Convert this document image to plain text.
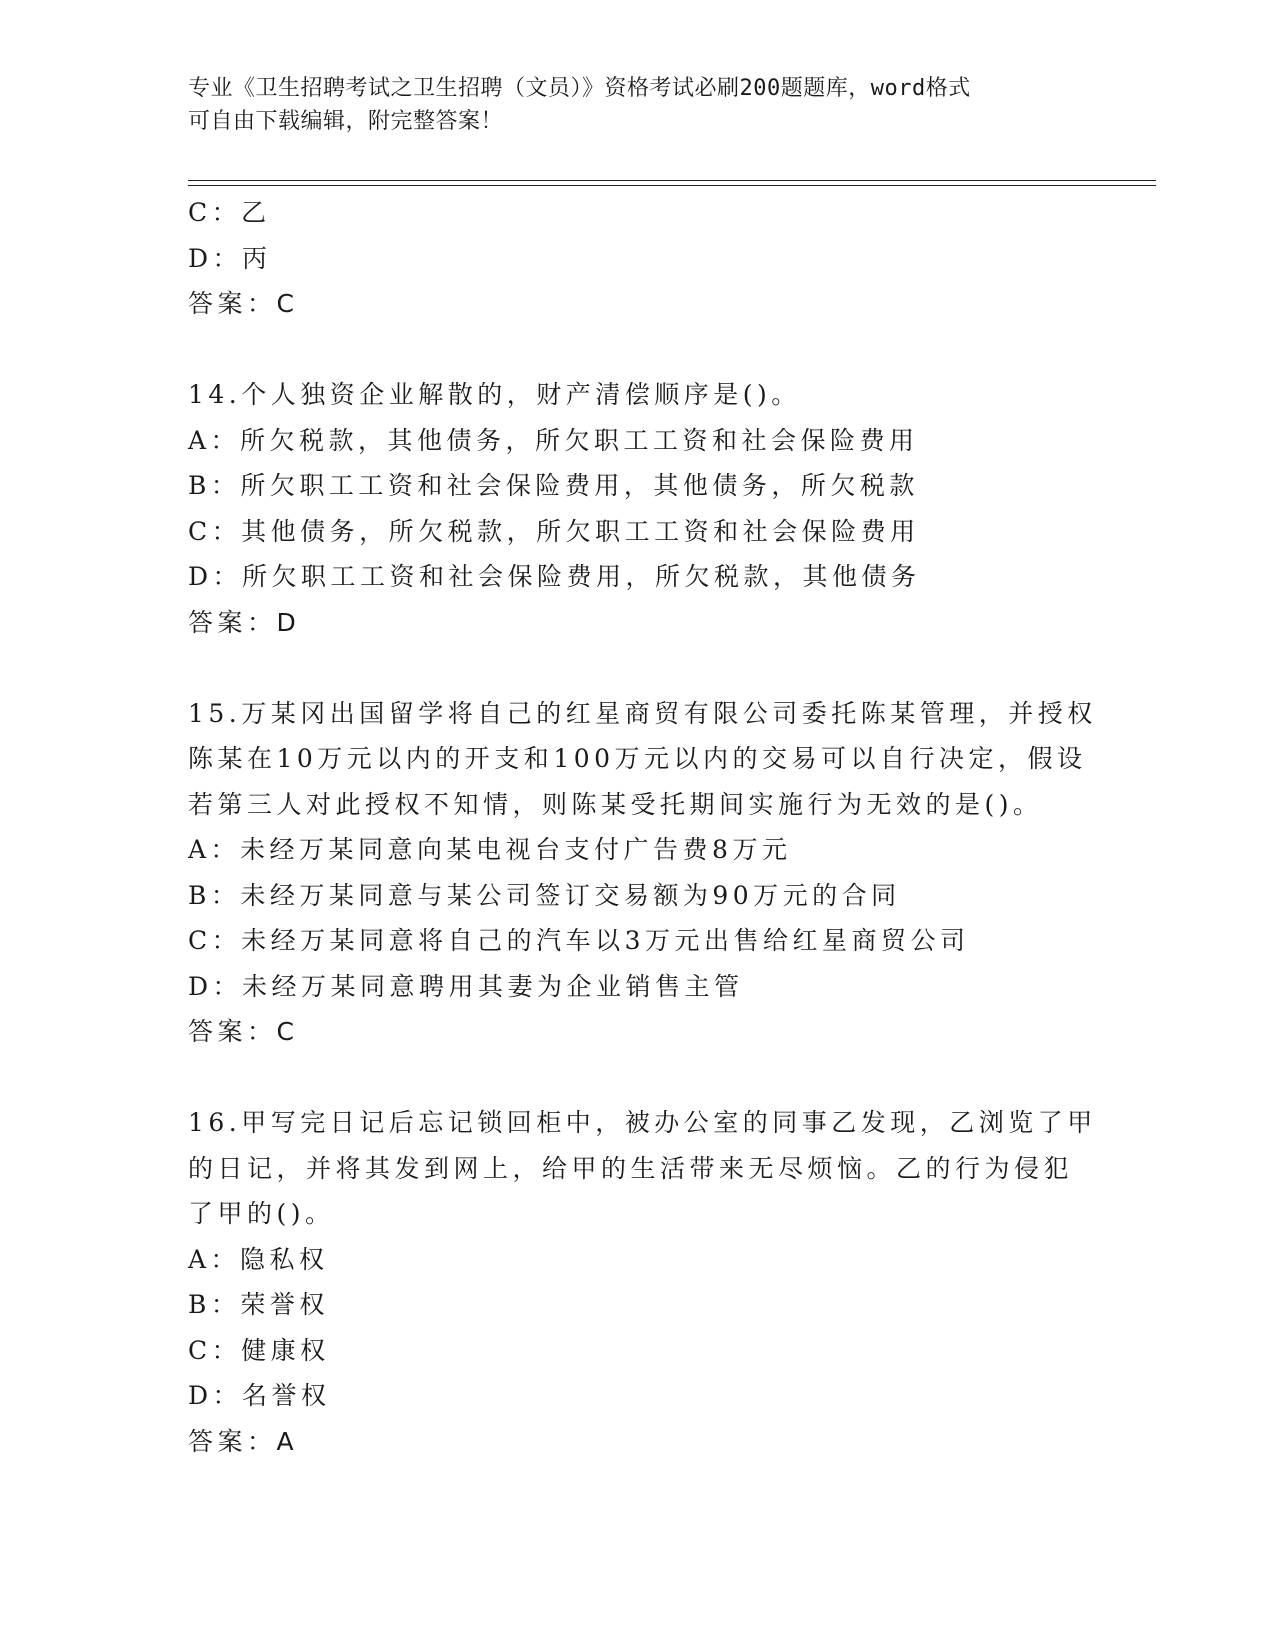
专业《卫生招聘考试之卫生招聘（文员）》资格考试必刷200题题库，word格式
可自由下载编辑，附完整答案！
C：乙
D：丙
答案：C
14.个人独资企业解散的，财产清偿顺序是()。
A：所欠税款，其他债务，所欠职工工资和社会保险费用
B：所欠职工工资和社会保险费用，其他债务，所欠税款
C：其他债务，所欠税款，所欠职工工资和社会保险费用
D：所欠职工工资和社会保险费用，所欠税款，其他债务
答案：D
15.万某冈出国留学将自己的红星商贸有限公司委托陈某管理，并授权
陈某在10万元以内的开支和100万元以内的交易可以自行决定，假设
若第三人对此授权不知情，则陈某受托期间实施行为无效的是()。
A：未经万某同意向某电视台支付广告费8万元
B：未经万某同意与某公司签订交易额为90万元的合同
C：未经万某同意将自己的汽车以3万元出售给红星商贸公司
D：未经万某同意聘用其妻为企业销售主管
答案：C
16.甲写完日记后忘记锁回柜中，被办公室的同事乙发现，乙浏览了甲
的日记，并将其发到网上，给甲的生活带来无尽烦恼。乙的行为侵犯
了甲的()。
A：隐私权
B：荣誉权
C：健康权
D：名誉权
答案：A
